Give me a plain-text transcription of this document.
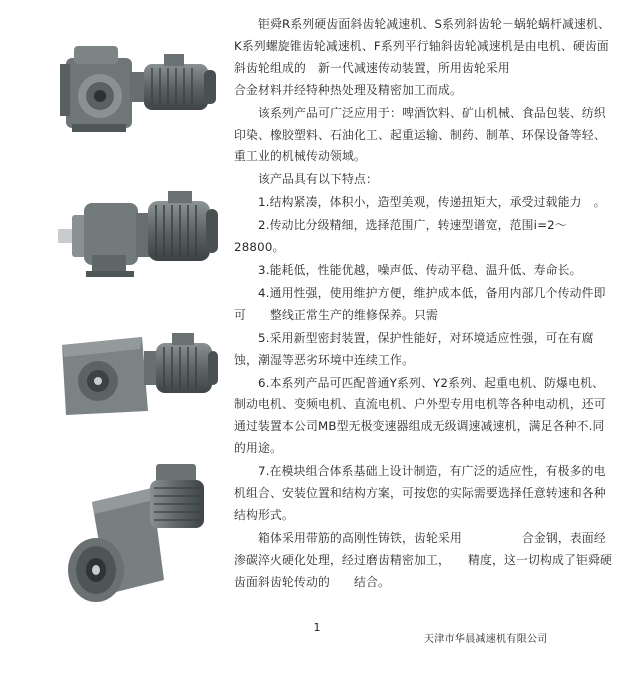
钜舜R系列硬齿面斜齿轮减速机、S系列斜齿轮－蜗轮蜗杆减速机、K系列螺旋锥齿轮减速机、F系列平行轴斜齿轮减速机是由电机、硬齿面斜齿轮组成的　新一代减速传动装置，所用齿轮采用　　　　　　　　合金材料并经特种热处理及精密加工而成。

该系列产品可广泛应用于：啤酒饮料、矿山机械、食品包装、纺织印染、橡胶塑料、石油化工、起重运输、制药、制革、环保设备等轻、重工业的机械传动领域。

该产品具有以下特点：

1.结构紧凑，体积小，造型美观，传递扭矩大，承受过载能力　。

2.传动比分级精细，选择范围广，转速型谱宽，范围i=2～28800。

3.能耗低，性能优越，噪声低、传动平稳、温升低、寿命长。

4.通用性强，使用维护方便，维护成本低，备用内部几个传动件即可　　整线正常生产的维修保养。只需

5.采用新型密封装置，保护性能好，对环境适应性强，可在有腐蚀，潮湿等恶劣环境中连续工作。

6.本系列产品可匹配普通Y系列、Y2系列、起重电机、防爆电机、制动电机、变频电机、直流电机、户外型专用电机等各种电动机，还可通过装置本公司MB型无极变速器组成无级调速减速机，满足各种不.同的用途。

7.在模块组合体系基础上设计制造，有广泛的适应性，有极多的电机组合、安装位置和结构方案，可按您的实际需要选择任意转速和各种结构形式。

箱体采用带筋的高刚性铸铁，齿轮采用　　　　　合金钢，表面经渗碳淬火硬化处理，经过磨齿精密加工，　　精度，这一切构成了钜舜硬齿面斜齿轮传动的　　结合。

1
天津市华晨减速机有限公司
